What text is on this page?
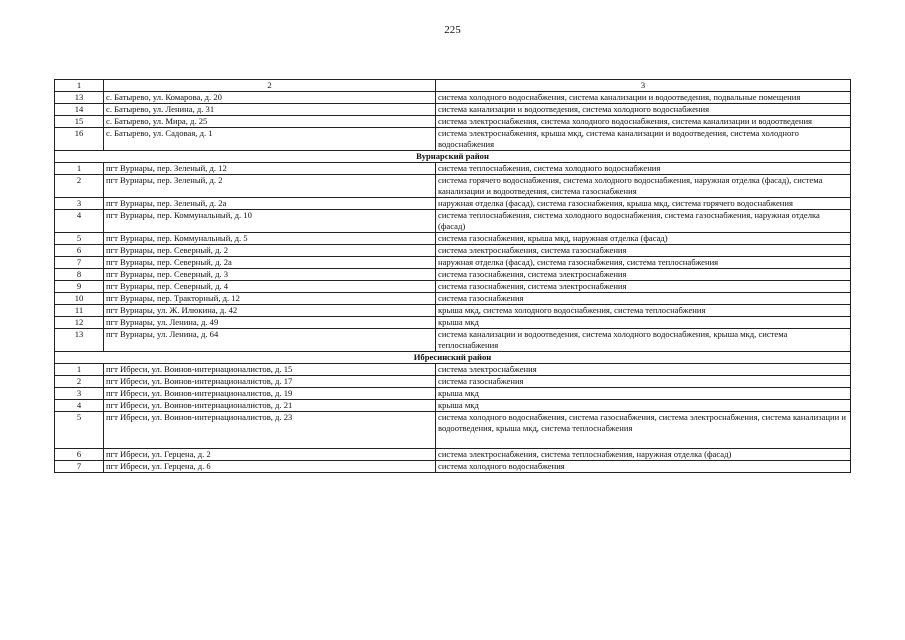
225
1	2	3
13	с. Батырево, ул. Комарова, д. 20	система холодного водоснабжения, система канализации и водоотведения, подвальные помещения
14	с. Батырево, ул. Ленина, д. 31	система канализации и водоотведения, система холодного водоснабжения
15	с. Батырево, ул. Мира, д. 25	система электроснабжения, система холодного водоснабжения, система канализации и водоотведения
16	с. Батырево, ул. Садовая, д. 1	система электроснабжения, крыша мкд, система канализации и водоотведения, система холодного водоснабжения
Вурнарский район		
1	пгт Вурнары, пер. Зеленый, д. 12	система теплоснабжения, система холодного водоснабжения
2	пгт Вурнары, пер. Зеленый, д. 2	система горячего водоснабжения, система холодного водоснабжения, наружная отделка (фасад), система канализации и водоотведения, система газоснабжения
3	пгт Вурнары, пер. Зеленый, д. 2а	наружная отделка (фасад), система газоснабжения, крыша мкд, система горячего водоснабжения
4	пгт Вурнары, пер. Коммунальный, д. 10	система теплоснабжения, система холодного водоснабжения, система газоснабжения, наружная отделка (фасад)
5	пгт Вурнары, пер. Коммунальный, д. 5	система газоснабжения, крыша мкд, наружная отделка (фасад)
6	пгт Вурнары, пер. Северный, д. 2	система электроснабжения, система газоснабжения
7	пгт Вурнары, пер. Северный, д. 2а	наружная отделка (фасад), система газоснабжения, система теплоснабжения
8	пгт Вурнары, пер. Северный, д. 3	система газоснабжения, система электроснабжения
9	пгт Вурнары, пер. Северный, д. 4	система газоснабжения, система электроснабжения
10	пгт Вурнары, пер. Тракторный, д. 12	система газоснабжения
11	пгт Вурнары, ул. Ж. Илюкина, д. 42	крыша мкд, система холодного водоснабжения, система теплоснабжения
12	пгт Вурнары, ул. Ленина, д. 49	крыша мкд
13	пгт Вурнары, ул. Ленина, д. 64	система канализации и водоотведения, система холодного водоснабжения, крыша мкд, система теплоснабжения
Ибресинский район		
1	пгт Ибреси, ул. Воинов-интернационалистов, д. 15	система электроснабжения
2	пгт Ибреси, ул. Воинов-интернационалистов, д. 17	система газоснабжения
3	пгт Ибреси, ул. Воинов-интернационалистов, д. 19	крыша мкд
4	пгт Ибреси, ул. Воинов-интернационалистов, д. 21	крыша мкд
5	пгт Ибреси, ул. Воинов-интернационалистов, д. 23	система холодного водоснабжения, система газоснабжения, система электроснабжения, система канализации и водоотведения, крыша мкд, система теплоснабжения
6	пгт Ибреси, ул. Герцена, д. 2	система электроснабжения, система теплоснабжения, наружная отделка (фасад)
7	пгт Ибреси, ул. Герцена, д. 6	система холодного водоснабжения
